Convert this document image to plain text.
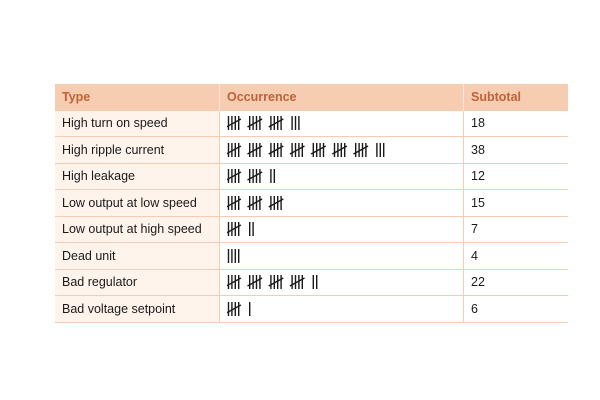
Type	Occurrence	Subtotal
High turn on speed		18
High ripple current		38
High leakage		12
Low output at low speed		15
Low output at high speed		7
Dead unit		4
Bad regulator		22
Bad voltage setpoint		6
